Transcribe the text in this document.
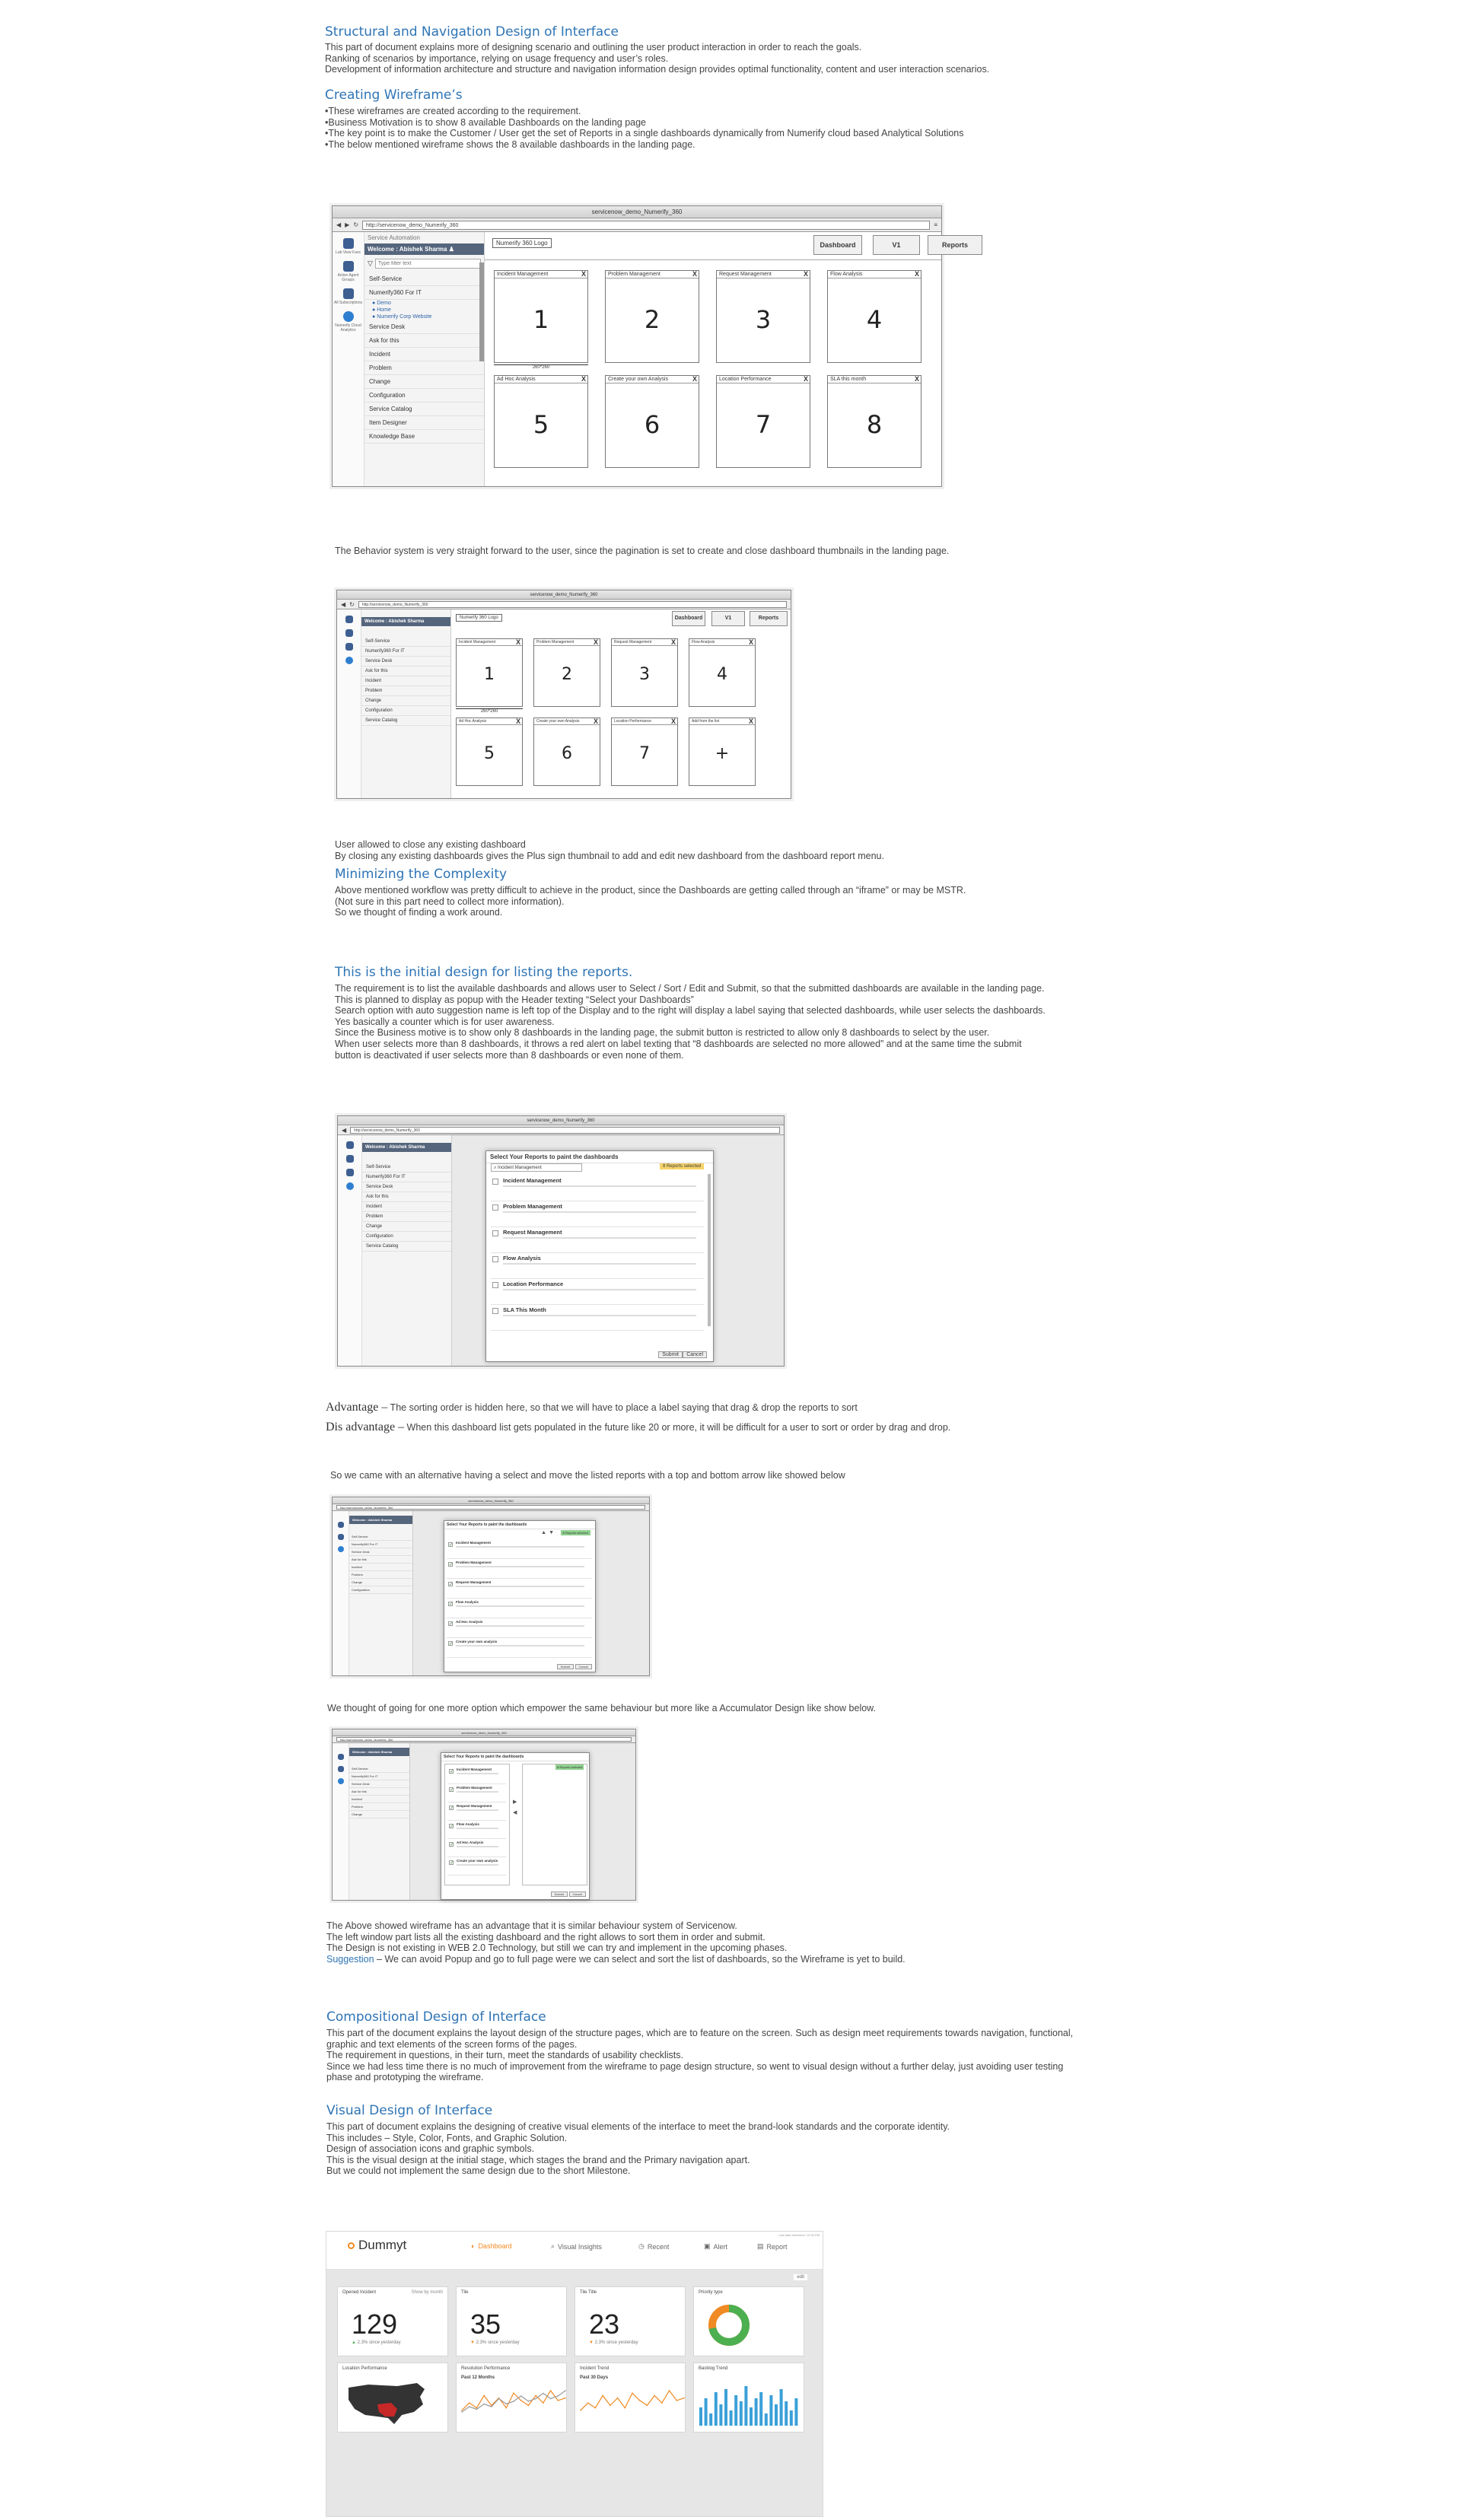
Structural and Navigation Design of Interface
This part of document explains more of designing scenario and outlining the user product interaction in order to reach the goals.
Ranking of scenarios by importance, relying on usage frequency and user’s roles.
Development of information architecture and structure and navigation information design provides optimal functionality, content and user interaction scenarios.
Creating Wireframe’s
•These wireframes are created according to the requirement.
•Business Motivation is to show 8 available Dashboards on the landing page
•The key point is to make the Customer / User get the set of Reports in a single dashboards dynamically from Numerify cloud based Analytical Solutions
•The below mentioned wireframe shows the 8 available dashboards in the landing page.
servicenow_demo_Numerify_360
◀ ▶ ↻	http://servicenow_demo_Numerify_360	≡
Lab View Favs
Active Agent Groups
All Subscriptions
Numerify Cloud Analytics
Service Automation
Welcome : Abishek Sharma ♟
▽
Type filter text
Self-Service
Numerify360 For IT
● Demo
● Home
● Numerify Corp Website
Service Desk
Ask for this
Incident
Problem
Change
Configuration
Service Catalog
Item Designer
Knowledge Base
Numerify 360 Logo	Dashboard	V1	Reports
Incident Management	X
1
Problem Management	X
2
Request Management	X
3
Flow Analysis	X
4
Ad Hoc Analysis	X
5
Create your own Analysis	X
6
Location Performance	X
7
SLA this month	X
8
260*260
The Behavior system is very straight forward to the user, since the pagination is set to create and close dashboard thumbnails in the landing page.
servicenow_demo_Numerify_360
◀ ↻	http://servicenow_demo_Numerify_360
Welcome : Abishek Sharma
Self-Service
Numerify360 For IT
Service Desk
Ask for this
Incident
Problem
Change
Configuration
Service Catalog
Numerify 360 Logo	Dashboard	V1	Reports
Incident Management	X
1
Problem Management	X
2
Request Management	X
3
Flow Analysis	X
4
Ad Hoc Analysis	X
5
Create your own Analysis	X
6
Location Performance	X
7
Add from the list	X
+
260*260
User allowed to close any existing dashboard
By closing any existing dashboards gives the Plus sign thumbnail to add and edit new dashboard from the dashboard report menu.
Minimizing the Complexity
Above mentioned workflow was pretty difficult to achieve in the product, since the Dashboards are getting called through an “iframe” or may be MSTR.
(Not sure in this part need to collect more information).
So we thought of finding a work around.
This is the initial design for listing the reports.
The requirement is to list the available dashboards and allows user to Select / Sort / Edit and Submit, so that the submitted dashboards are available in the landing page.
This is planned to display as popup with the Header texting “Select your Dashboards”
Search option with auto suggestion name is left top of the Display and to the right will display a label saying that selected dashboards, while user selects the dashboards.
Yes basically a counter which is for user awareness.
Since the Business motive is to show only 8 dashboards in the landing page, the submit button is restricted to allow only 8 dashboards to select by the user.
When user selects more than 8 dashboards, it throws a red alert on label texting that “8 dashboards are selected no more allowed” and at the same time the submit
button is deactivated if user selects more than 8 dashboards or even none of them.
servicenow_demo_Numerify_360
◀	http://servicenow_demo_Numerify_360
Welcome : Abishek Sharma
Self-Service
Numerify360 For IT
Service Desk
Ask for this
Incident
Problem
Change
Configuration
Service Catalog
Select Your Reports to paint the dashboards
⌕ Incident Management	8 Reports selected
Incident Management
Problem Management
Request Management
Flow Analysis
Location Performance
SLA This Month
Submit	Cancel
Advantage – The sorting order is hidden here, so that we will have to place a label saying that drag & drop the reports to sort
Dis advantage – When this dashboard list gets populated in the future like 20 or more, it will be difficult for a user to sort or order by drag and drop.
So we came with an alternative having a select and move the listed reports with a top and bottom arrow like showed below
servicenow_demo_Numerify_360
http://servicenow_demo_Numerify_360
Welcome : Abishek Sharma
Self-Service
Numerify360 For IT
Service Desk
Ask for this
Incident
Problem
Change
Configuration
Select Your Reports to paint the dashboards
▲ ▼	8 Reports selected
✓
Incident Management
✓
Problem Management
✓
Request Management
✓
Flow Analysis
✓
Ad Hoc Analysis
✓
Create your own analysis
Submit	Cancel
We thought of going for one more option which empower the same behaviour but more like a Accumulator Design like show below.
servicenow_demo_Numerify_360
http://servicenow_demo_Numerify_360
Welcome : Abishek Sharma
Self-Service
Numerify360 For IT
Service Desk
Ask for this
Incident
Problem
Change
Select Your Reports to paint the dashboards
✓
Incident Management
✓
Problem Management
✓
Request Management
✓
Flow Analysis
✓
Ad Hoc Analysis
✓
Create your own analysis
▶
◀
8 Reports selected
Submit	Cancel
The Above showed wireframe has an advantage that it is similar behaviour system of Servicenow.
The left window part lists all the existing dashboard and the right allows to sort them in order and submit.
The Design is not existing in WEB 2.0 Technology, but still we can try and implement in the upcoming phases.
Suggestion – We can avoid Popup and go to full page were we can select and sort the list of dashboards, so the Wireframe is yet to build.
Compositional Design of Interface
This part of the document explains the layout design of the structure pages, which are to feature on the screen. Such as design meet requirements towards navigation, functional,
graphic and text elements of the screen forms of the pages.
The requirement in questions, in their turn, meet the standards of usability checklists.
Since we had less time there is no much of improvement from the wireframe to page design structure, so went to visual design without a further delay, just avoiding user testing
phase and prototyping the wireframe.
Visual Design of Interface
This part of document explains the designing of creative visual elements of the interface to meet the brand-look standards and the corporate identity.
This includes – Style, Color, Fonts, and Graphic Solution.
Design of association icons and graphic symbols.
This is the visual design at the initial stage, which stages the brand and the Primary navigation apart.
But we could not implement the same design due to the short Milestone.
Dummyt	◐ Dashboard	⌕ Visual Insights	◷ Recent	▣ Alert	▤ Report
Last data refreshed: 12:00 PM
edit
Opened Incident	Show by month
129
▲ 2.3% since yesterday
Tile
35
▼ 2.3% since yesterday
Tile Title
23
▼ 2.3% since yesterday
Priority type
Location Performance	Resolution Performance
Past 12 Months
Incident Trend
Past 30 Days
Backlog Trend
